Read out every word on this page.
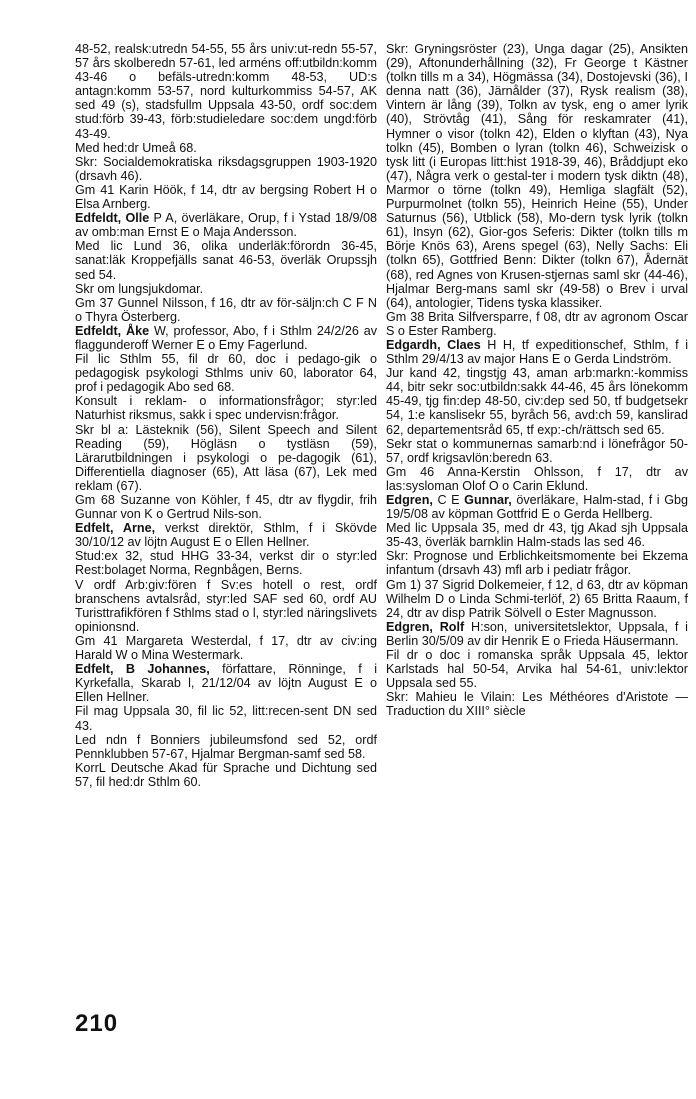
48-52, realsk:utredn 54-55, 55 års univ:ut-redn 55-57, 57 års skolberedn 57-61, led arméns off:utbildn:komm 43-46 o befäls-utredn:komm 48-53, UD:s antagn:komm 53-57, nord kulturkommiss 54-57, AK sed 49 (s), stadsfullm Uppsala 43-50, ordf soc:dem stud:förb 39-43, förb:studieledare soc:dem ungd:förb 43-49.

Med hed:dr Umeå 68.

Skr: Socialdemokratiska riksdagsgruppen 1903-1920 (drsavh 46).

Gm 41 Karin Höök, f 14, dtr av bergsing Robert H o Elsa Arnberg.

Edfeldt, Olle P A, överläkare, Orup, f i Ystad 18/9/08 av omb:man Ernst E o Maja Andersson.

Med lic Lund 36, olika underläk:förordn 36-45, sanat:läk Kroppefjälls sanat 46-53, överläk Orupssjh sed 54.

Skr om lungsjukdomar.

Gm 37 Gunnel Nilsson, f 16, dtr av för-säljn:ch C F N o Thyra Österberg.

Edfeldt, Åke W, professor, Abo, f i Sthlm 24/2/26 av flaggunderoff Werner E o Emy Fagerlund.

Fil lic Sthlm 55, fil dr 60, doc i pedago-gik o pedagogisk psykologi Sthlms univ 60, laborator 64, prof i pedagogik Abo sed 68.

Konsult i reklam- o informationsfrågor; styr:led Naturhist riksmus, sakk i spec undervisn:frågor.

Skr bl a: Lästeknik (56), Silent Speech and Silent Reading (59), Högläsn o tystläsn (59), Lärarutbildningen i psykologi o pe-dagogik (61), Differentiella diagnoser (65), Att läsa (67), Lek med reklam (67).

Gm 68 Suzanne von Köhler, f 45, dtr av flygdir, frih Gunnar von K o Gertrud Nils-son.

Edfelt, Arne, verkst direktör, Sthlm, f i Skövde 30/10/12 av löjtn August E o Ellen Hellner.

Stud:ex 32, stud HHG 33-34, verkst dir o styr:led Rest:bolaget Norma, Regnbågen, Berns.

V ordf Arb:giv:fören f Sv:es hotell o rest, ordf branschens avtalsråd, styr:led SAF sed 60, ordf AU Turisttrafikfören f Sthlms stad o l, styr:led näringslivets opinionsnd.

Gm 41 Margareta Westerdal, f 17, dtr av civ:ing Harald W o Mina Westermark.

Edfelt, B Johannes, författare, Rönninge, f i Kyrkefalla, Skarab l, 21/12/04 av löjtn August E o Ellen Hellner.

Fil mag Uppsala 30, fil lic 52, litt:recen-sent DN sed 43.

Led ndn f Bonniers jubileumsfond sed 52, ordf Pennklubben 57-67, Hjalmar Bergman-samf sed 58.

KorrL Deutsche Akad für Sprache und Dichtung sed 57, fil hed:dr Sthlm 60.

Skr: Gryningsröster (23), Unga dagar (25), Ansikten (29), Aftonunderhållning (32), Fr George t Kästner (tolkn tills m a 34), Högmässa (34), Dostojevski (36), I denna natt (36), Järnålder (37), Rysk realism (38), Vintern är lång (39), Tolkn av tysk, eng o amer lyrik (40), Strövtåg (41), Sång för reskamrater (41), Hymner o visor (tolkn 42), Elden o klyftan (43), Nya tolkn (45), Bomben o lyran (tolkn 46), Schweizisk o tysk litt (i Europas litt:hist 1918-39, 46), Bråddjupt eko (47), Några verk o gestal-ter i modern tysk diktn (48), Marmor o törne (tolkn 49), Hemliga slagfält (52), Purpurmolnet (tolkn 55), Heinrich Heine (55), Under Saturnus (56), Utblick (58), Mo-dern tysk lyrik (tolkn 61), Insyn (62), Gior-gos Seferis: Dikter (tolkn tills m Börje Knös 63), Arens spegel (63), Nelly Sachs: Eli (tolkn 65), Gottfried Benn: Dikter (tolkn 67), Ådernät (68), red Agnes von Krusen-stjernas saml skr (44-46), Hjalmar Berg-mans saml skr (49-58) o Brev i urval (64), antologier, Tidens tyska klassiker.

Gm 38 Brita Silfversparre, f 08, dtr av agronom Oscar S o Ester Ramberg.

Edgardh, Claes H H, tf expeditionschef, Sthlm, f i Sthlm 29/4/13 av major Hans E o Gerda Lindström.

Jur kand 42, tingstjg 43, aman arb:markn:-kommiss 44, bitr sekr soc:utbildn:sakk 44-46, 45 års lönekomm 45-49, tjg fin:dep 48-50, civ:dep sed 50, tf budgetsekr 54, 1:e kanslisekr 55, byråch 56, avd:ch 59, kanslirad 62, departementsråd 65, tf exp:-ch/rättsch sed 65.

Sekr stat o kommunernas samarb:nd i lönefrågor 50-57, ordf krigsavlön:beredn 63.

Gm 46 Anna-Kerstin Ohlsson, f 17, dtr av las:sysloman Olof O o Carin Eklund.

Edgren, C E Gunnar, överläkare, Halm-stad, f i Gbg 19/5/08 av köpman Gottfrid E o Gerda Hellberg.

Med lic Uppsala 35, med dr 43, tjg Akad sjh Uppsala 35-43, överläk barnklin Halm-stads las sed 46.

Skr: Prognose und Erblichkeitsmomente bei Ekzema infantum (drsavh 43) mfl arb i pediatr frågor.

Gm 1) 37 Sigrid Dolkemeier, f 12, d 63, dtr av köpman Wilhelm D o Linda Schmi-terlöf, 2) 65 Britta Raaum, f 24, dtr av disp Patrik Sölvell o Ester Magnusson.

Edgren, Rolf H:son, universitetslektor, Uppsala, f i Berlin 30/5/09 av dir Henrik E o Frieda Häusermann.

Fil dr o doc i romanska språk Uppsala 45, lektor Karlstads hal 50-54, Arvika hal 54-61, univ:lektor Uppsala sed 55.

Skr: Mahieu le Vilain: Les Méthéores d'Aristote — Traduction du XIII° siècle

210
